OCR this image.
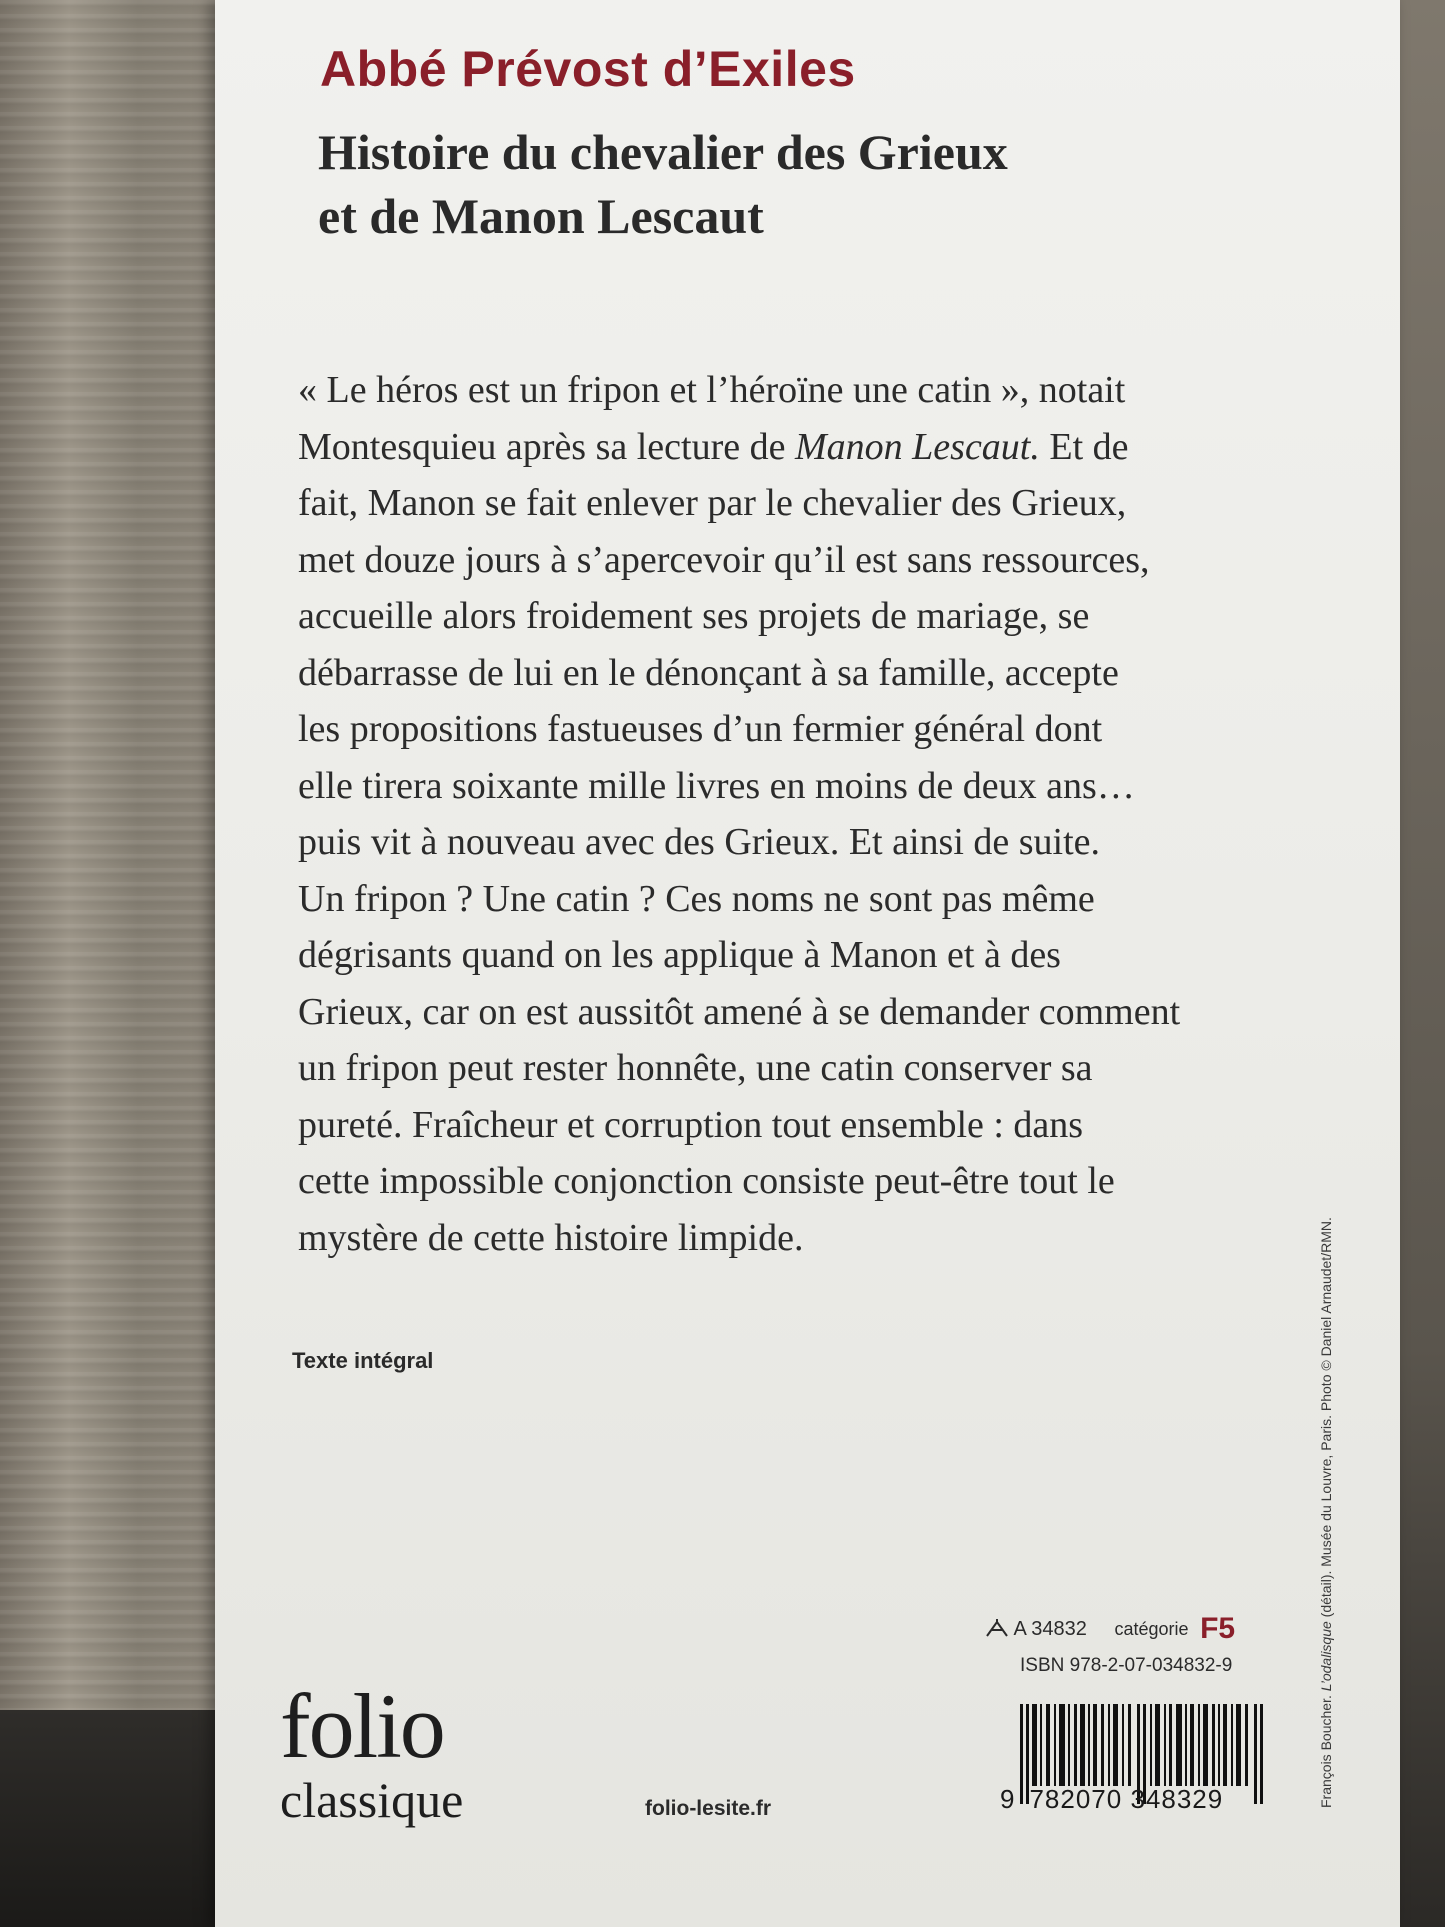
Abbé Prévost d’Exiles
Histoire du chevalier des Grieux
et de Manon Lescaut

« Le héros est un fripon et l’héroïne une catin », notait
Montesquieu après sa lecture de Manon Lescaut. Et de
fait, Manon se fait enlever par le chevalier des Grieux,
met douze jours à s’apercevoir qu’il est sans ressources,
accueille alors froidement ses projets de mariage, se
débarrasse de lui en le dénonçant à sa famille, accepte
les propositions fastueuses d’un fermier général dont
elle tirera soixante mille livres en moins de deux ans…
puis vit à nouveau avec des Grieux. Et ainsi de suite.
Un fripon ? Une catin ? Ces noms ne sont pas même
dégrisants quand on les applique à Manon et à des
Grieux, car on est aussitôt amené à se demander comment
un fripon peut rester honnête, une catin conserver sa
pureté. Fraîcheur et corruption tout ensemble : dans
cette impossible conjonction consiste peut-être tout le
mystère de cette histoire limpide.

Texte intégral

François Boucher. L’odalisque (détail). Musée du Louvre, Paris. Photo © Daniel Arnaudet/RMN.
A 34832 catégorie F5
ISBN 978-2-07-034832-9
9 782070 348329
folio
classique	folio-lesite.fr
